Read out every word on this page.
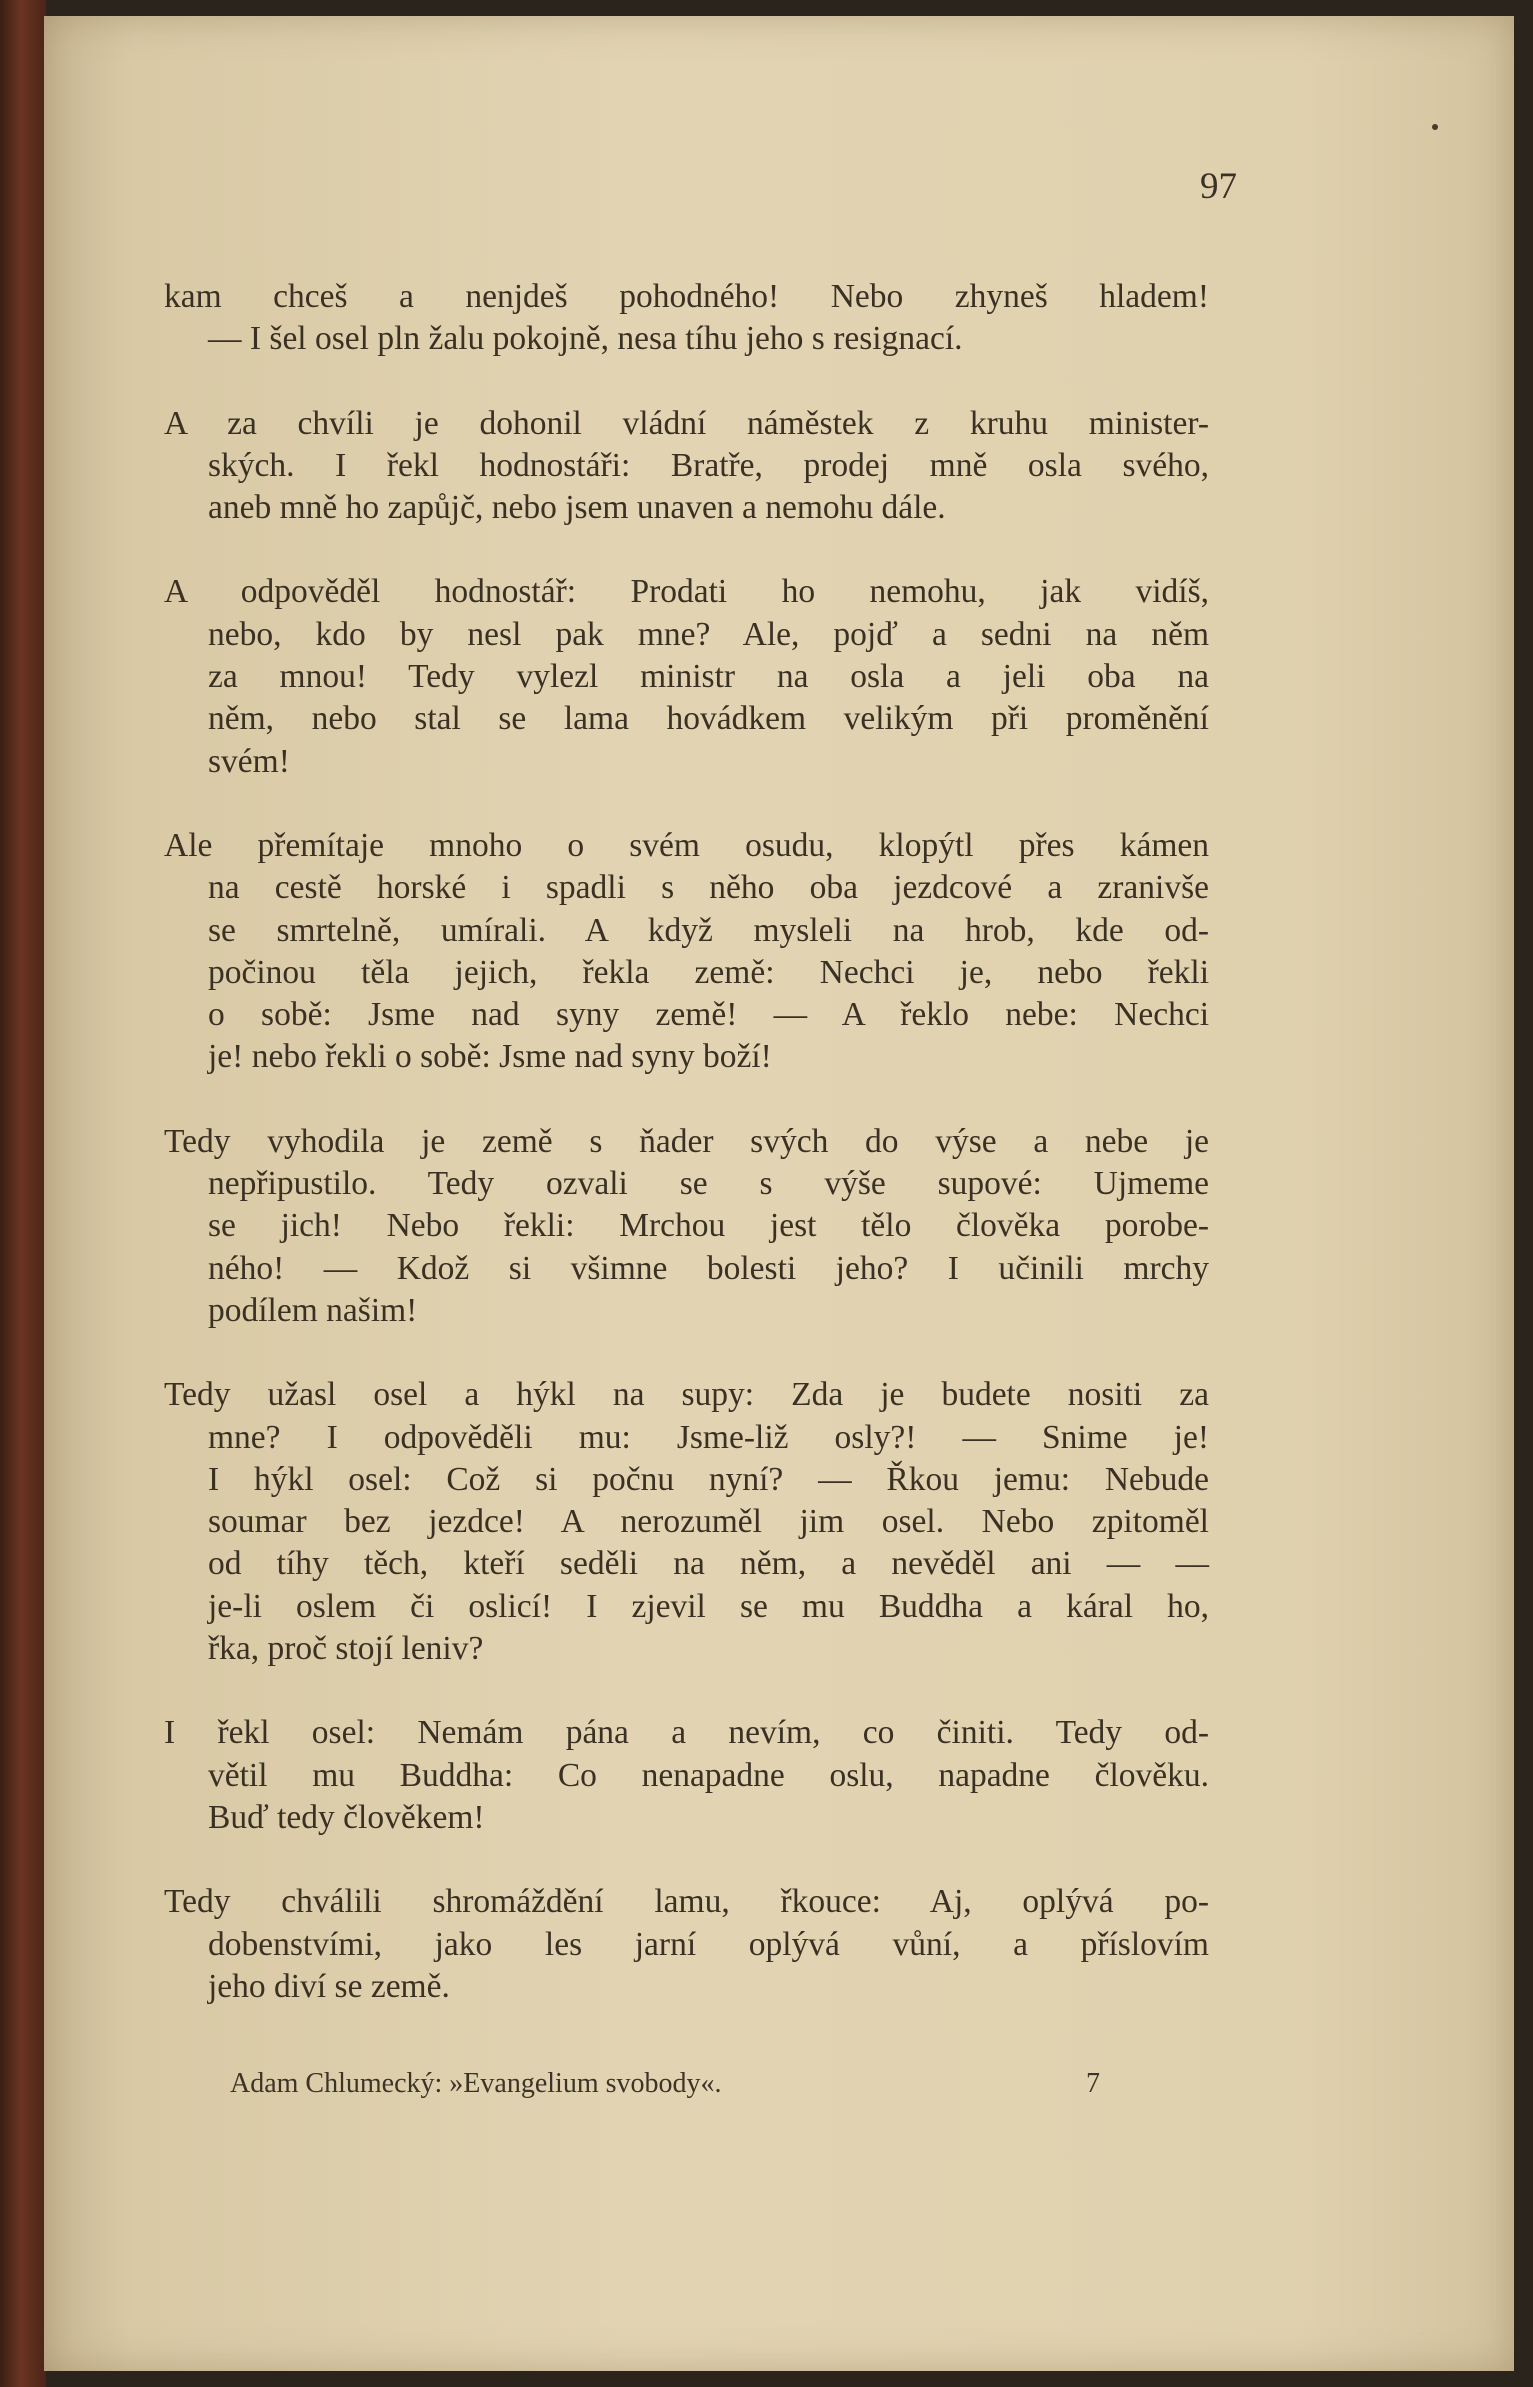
97
kam chceš a nenjdeš pohodného! Nebo zhyneš hladem!
— I šel osel pln žalu pokojně, nesa tíhu jeho s resignací.
A za chvíli je dohonil vládní náměstek z kruhu minister-
ských. I řekl hodnostáři: Bratře, prodej mně osla svého,
aneb mně ho zapůjč, nebo jsem unaven a nemohu dále.
A odpověděl hodnostář: Prodati ho nemohu, jak vidíš,
nebo, kdo by nesl pak mne? Ale, pojď a sedni na něm
za mnou! Tedy vylezl ministr na osla a jeli oba na
něm, nebo stal se lama hovádkem velikým při proměnění
svém!
Ale přemítaje mnoho o svém osudu, klopýtl přes kámen
na cestě horské i spadli s něho oba jezdcové a zranivše
se smrtelně, umírali. A když mysleli na hrob, kde od-
počinou těla jejich, řekla země: Nechci je, nebo řekli
o sobě: Jsme nad syny země! — A řeklo nebe: Nechci
je! nebo řekli o sobě: Jsme nad syny boží!
Tedy vyhodila je země s ňader svých do výse a nebe je
nepřipustilo. Tedy ozvali se s výše supové: Ujmeme
se jich! Nebo řekli: Mrchou jest tělo člověka porobe-
ného! — Kdož si všimne bolesti jeho? I učinili mrchy
podílem našim!
Tedy užasl osel a hýkl na supy: Zda je budete nositi za
mne? I odpověděli mu: Jsme-liž osly?! — Snime je!
I hýkl osel: Což si počnu nyní? — Řkou jemu: Nebude
soumar bez jezdce! A nerozuměl jim osel. Nebo zpitoměl
od tíhy těch, kteří seděli na něm, a nevěděl ani — —
je-li oslem či oslicí! I zjevil se mu Buddha a káral ho,
řka, proč stojí leniv?
I řekl osel: Nemám pána a nevím, co činiti. Tedy od-
větil mu Buddha: Co nenapadne oslu, napadne člověku.
Buď tedy člověkem!
Tedy chválili shromáždění lamu, řkouce: Aj, oplývá po-
dobenstvími, jako les jarní oplývá vůní, a příslovím
jeho diví se země.
Adam Chlumecký: »Evangelium svobody«.	7
